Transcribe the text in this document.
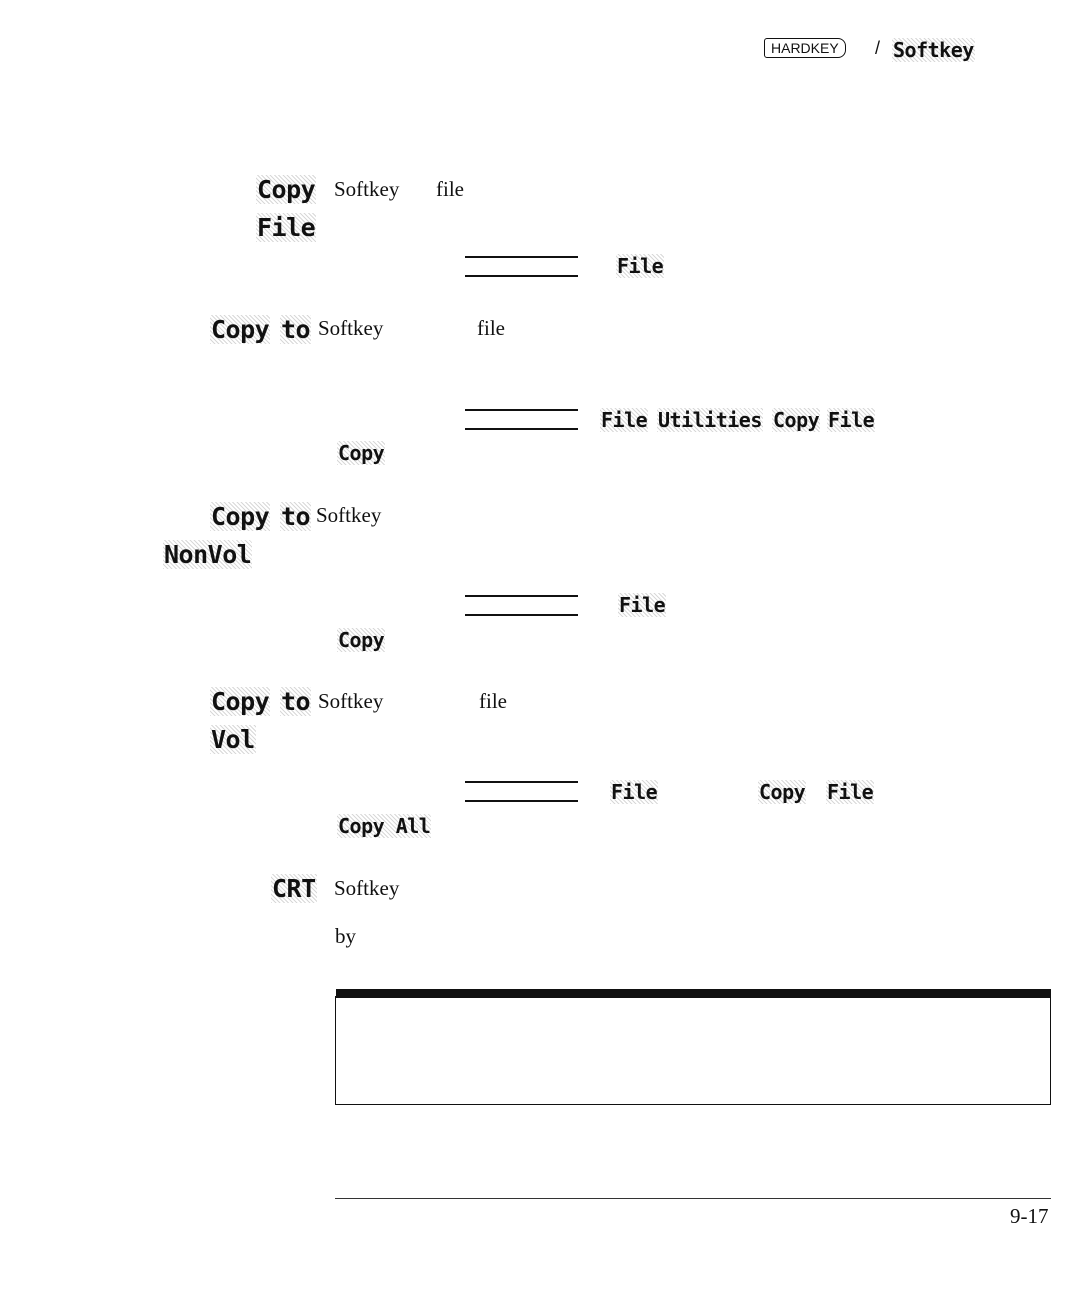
HARDKEY	/ Softkey
Copy
File
Softkey file
File
Copy to Softkey	file
File Utilities Copy File
Copy
Copy to Softkey
NonVol
File
Copy
Copy to Softkey	file
Vol
File	Copy File
Copy All
CRT Softkey
by
9-17
